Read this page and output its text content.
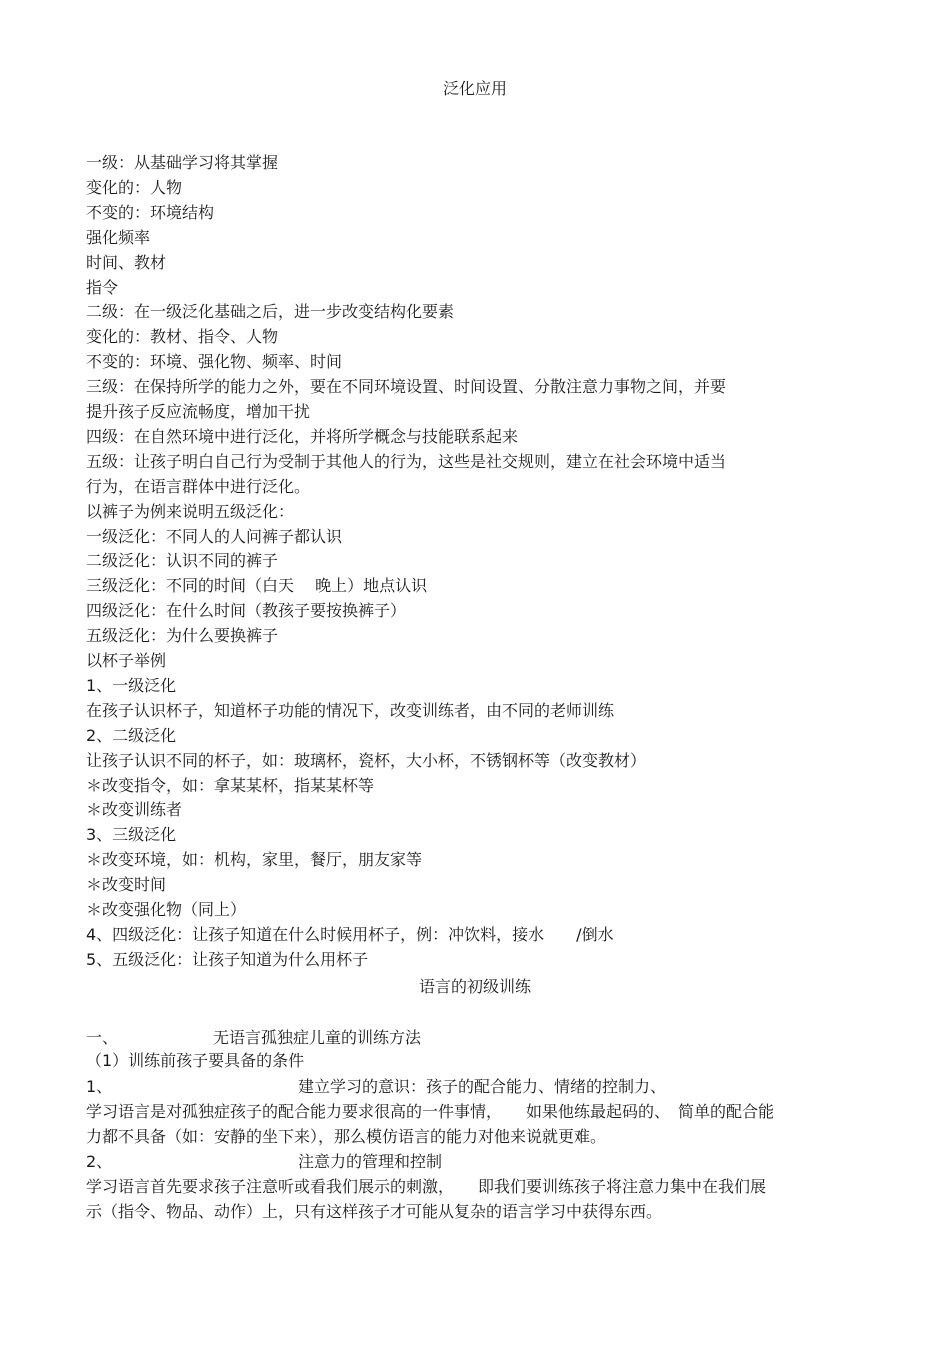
泛化应用
一级：从基础学习将其掌握
变化的：人物
不变的：环境结构
强化频率
时间、教材
指令
二级：在一级泛化基础之后，进一步改变结构化要素
变化的：教材、指令、人物
不变的：环境、强化物、频率、时间
三级：在保持所学的能力之外，要在不同环境设置、时间设置、分散注意力事物之间，并要
提升孩子反应流畅度，增加干扰
四级：在自然环境中进行泛化，并将所学概念与技能联系起来
五级：让孩子明白自己行为受制于其他人的行为，这些是社交规则，建立在社会环境中适当
行为，在语言群体中进行泛化。
以裤子为例来说明五级泛化：
一级泛化：不同人的人问裤子都认识
二级泛化：认识不同的裤子
三级泛化：不同的时间（白天　 晚上）地点认识
四级泛化：在什么时间（教孩子要按换裤子）
五级泛化：为什么要换裤子
以杯子举例
1、一级泛化
在孩子认识杯子，知道杯子功能的情况下，改变训练者，由不同的老师训练
2、二级泛化
让孩子认识不同的杯子，如：玻璃杯，瓷杯，大小杯，不锈钢杯等（改变教材）
＊改变指令，如：拿某某杯，指某某杯等
＊改变训练者
3、三级泛化
＊改变环境，如：机构，家里，餐厅，朋友家等
＊改变时间
＊改变强化物（同上）
4、四级泛化：让孩子知道在什么时候用杯子，例：冲饮料，接水　　/倒水
5、五级泛化：让孩子知道为什么用杯子
语言的初级训练
一、	无语言孤独症儿童的训练方法
（1）训练前孩子要具备的条件
1、	建立学习的意识：孩子的配合能力、情绪的控制力、
学习语言是对孤独症孩子的配合能力要求很高的一件事情，　　如果他练最起码的、　简单的配合能
力都不具备（如：安静的坐下来），那么模仿语言的能力对他来说就更难。
2、	注意力的管理和控制
学习语言首先要求孩子注意听或看我们展示的刺激，　　即我们要训练孩子将注意力集中在我们展
示（指令、物品、动作）上，只有这样孩子才可能从复杂的语言学习中获得东西。
